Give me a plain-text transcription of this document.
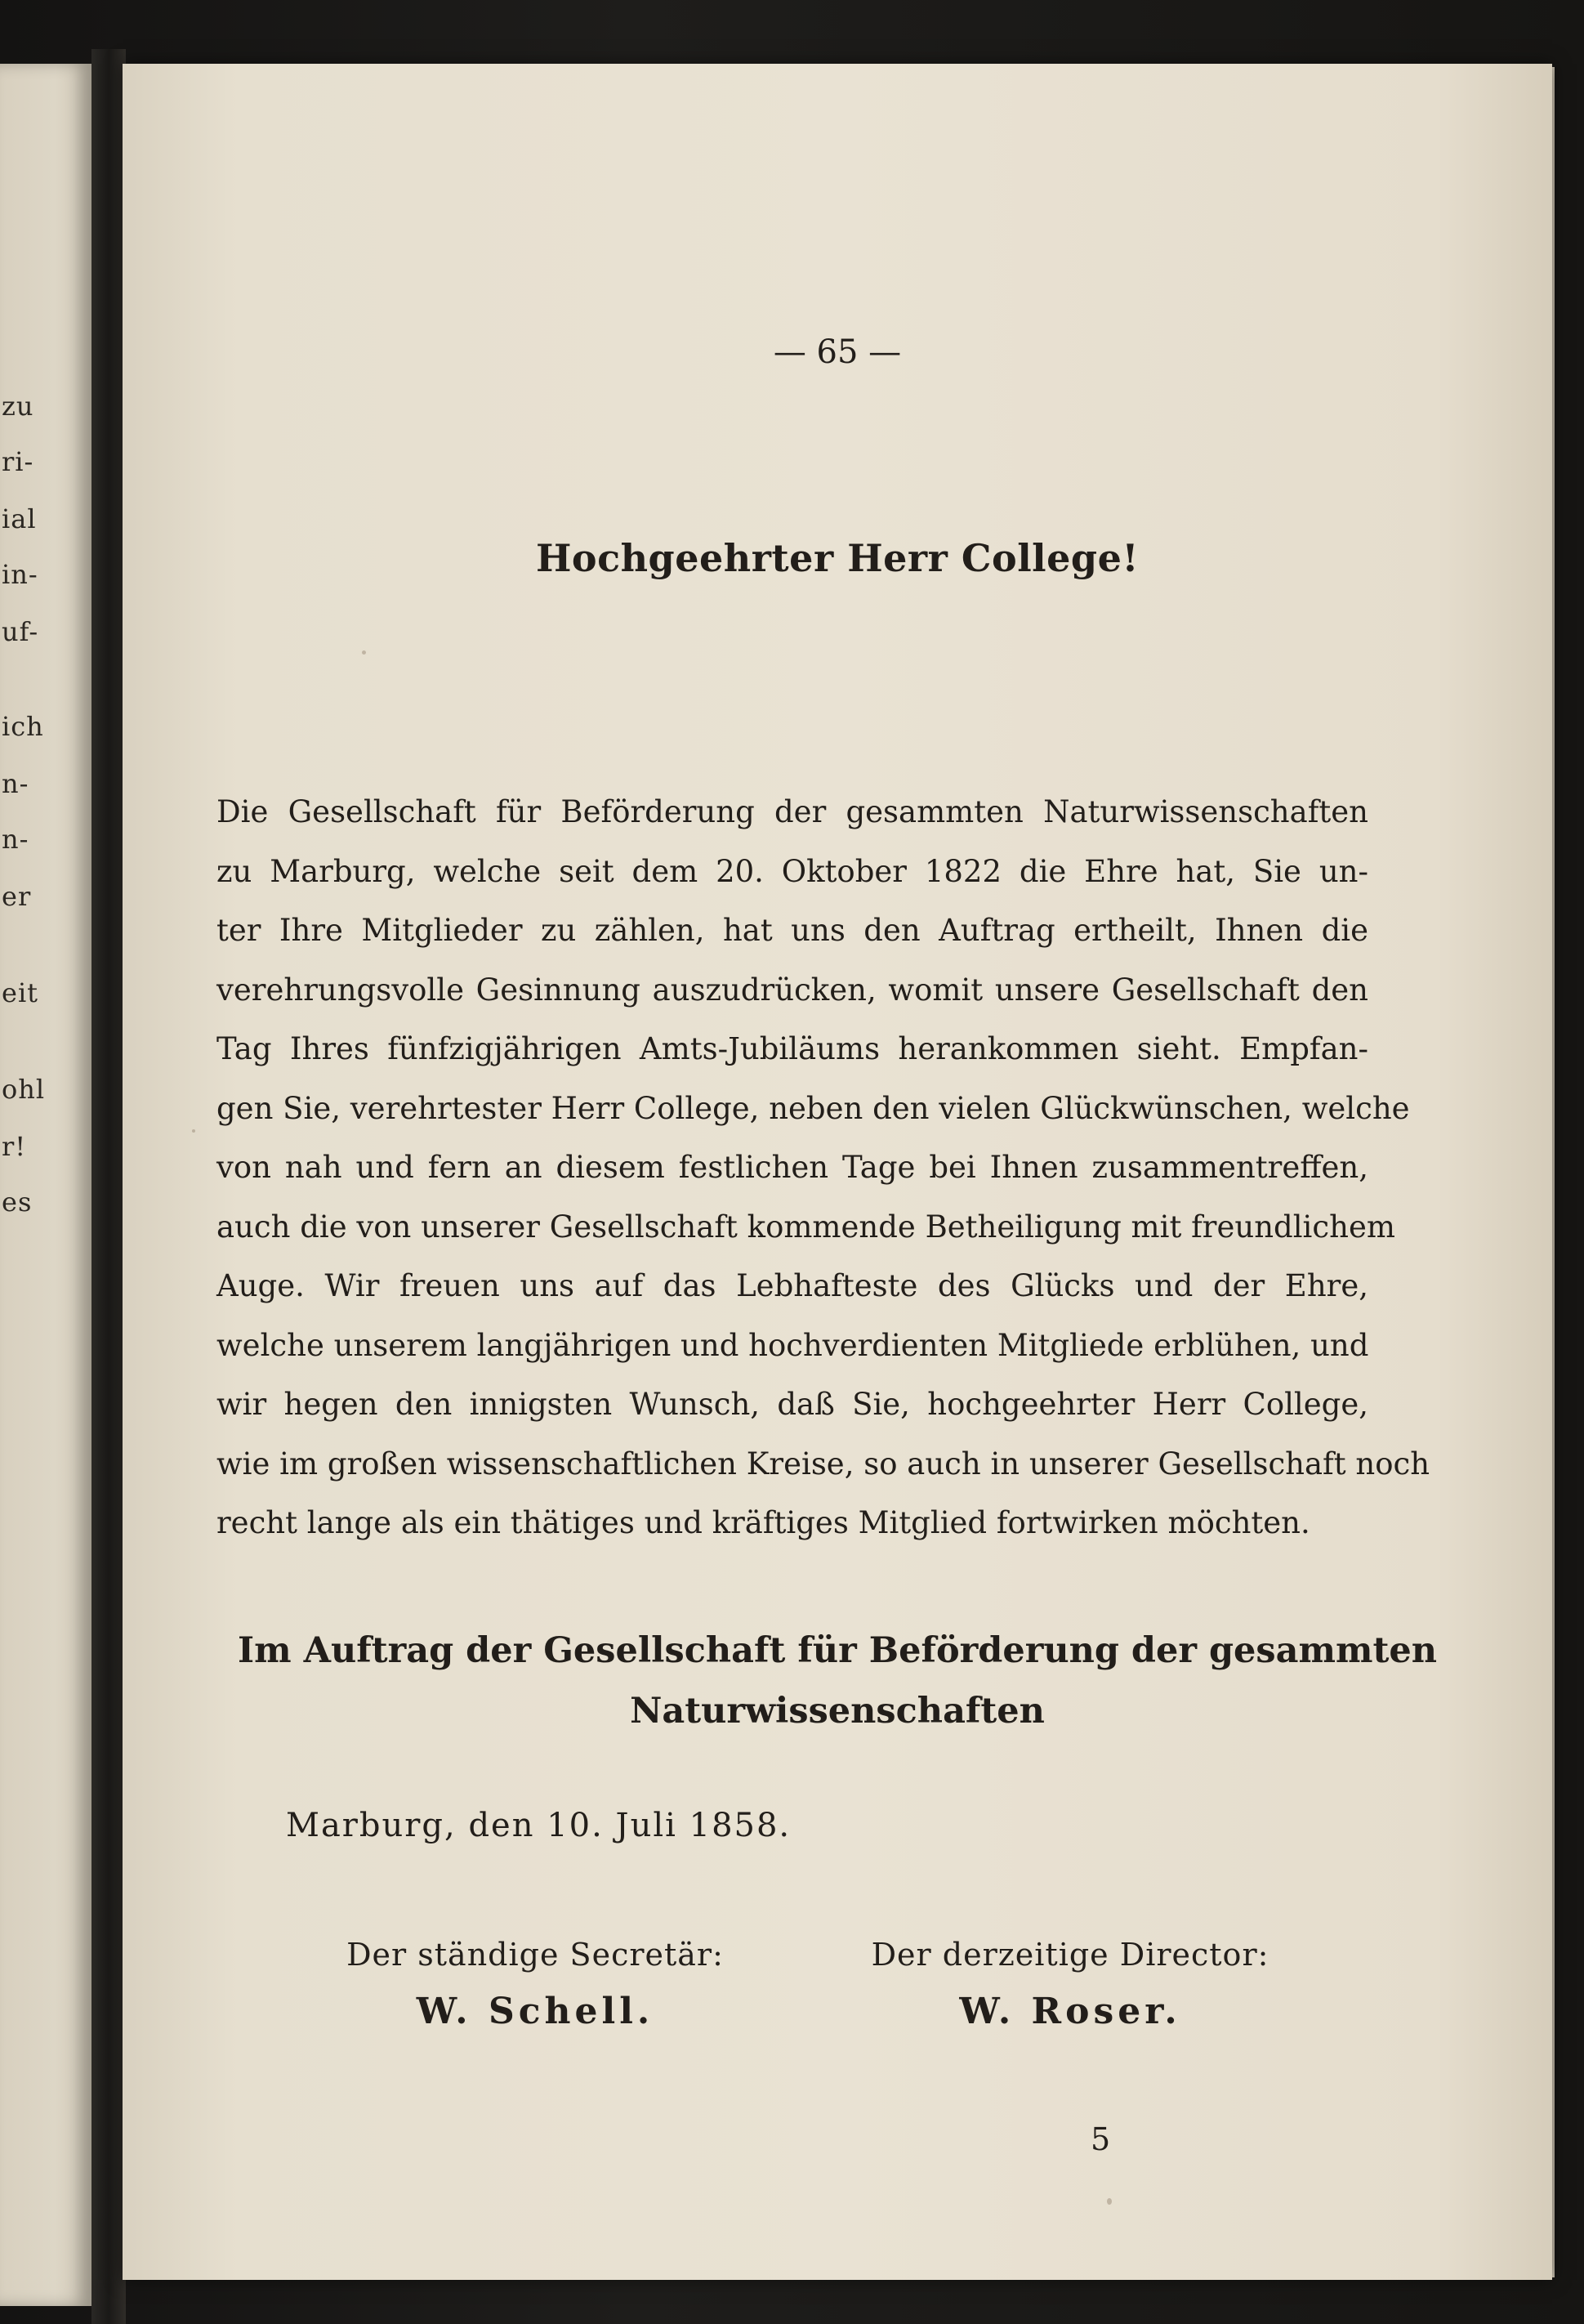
zu
ri-
ial
in-
uf-
ich
n-
n-
er
eit
ohl
r!
es
— 65 —
Hochgeehrter Herr College!
Die Gesellschaft für Beförderung der gesammten Naturwissenschaften
zu Marburg, welche seit dem 20. Oktober 1822 die Ehre hat, Sie un-
ter Ihre Mitglieder zu zählen, hat uns den Auftrag ertheilt, Ihnen die
verehrungsvolle Gesinnung auszudrücken, womit unsere Gesellschaft den
Tag Ihres fünfzigjährigen Amts-Jubiläums herankommen sieht. Empfan-
gen Sie, verehrtester Herr College, neben den vielen Glückwünschen, welche
von nah und fern an diesem festlichen Tage bei Ihnen zusammentreffen,
auch die von unserer Gesellschaft kommende Betheiligung mit freundlichem
Auge. Wir freuen uns auf das Lebhafteste des Glücks und der Ehre,
welche unserem langjährigen und hochverdienten Mitgliede erblühen, und
wir hegen den innigsten Wunsch, daß Sie, hochgeehrter Herr College,
wie im großen wissenschaftlichen Kreise, so auch in unserer Gesellschaft noch
recht lange als ein thätiges und kräftiges Mitglied fortwirken möchten.
Im Auftrag der Gesellschaft für Beförderung der gesammten
Naturwissenschaften
Marburg, den 10. Juli 1858.
Der ständige Secretär:	Der derzeitige Director:
W. Schell.	W. Roser.
5
